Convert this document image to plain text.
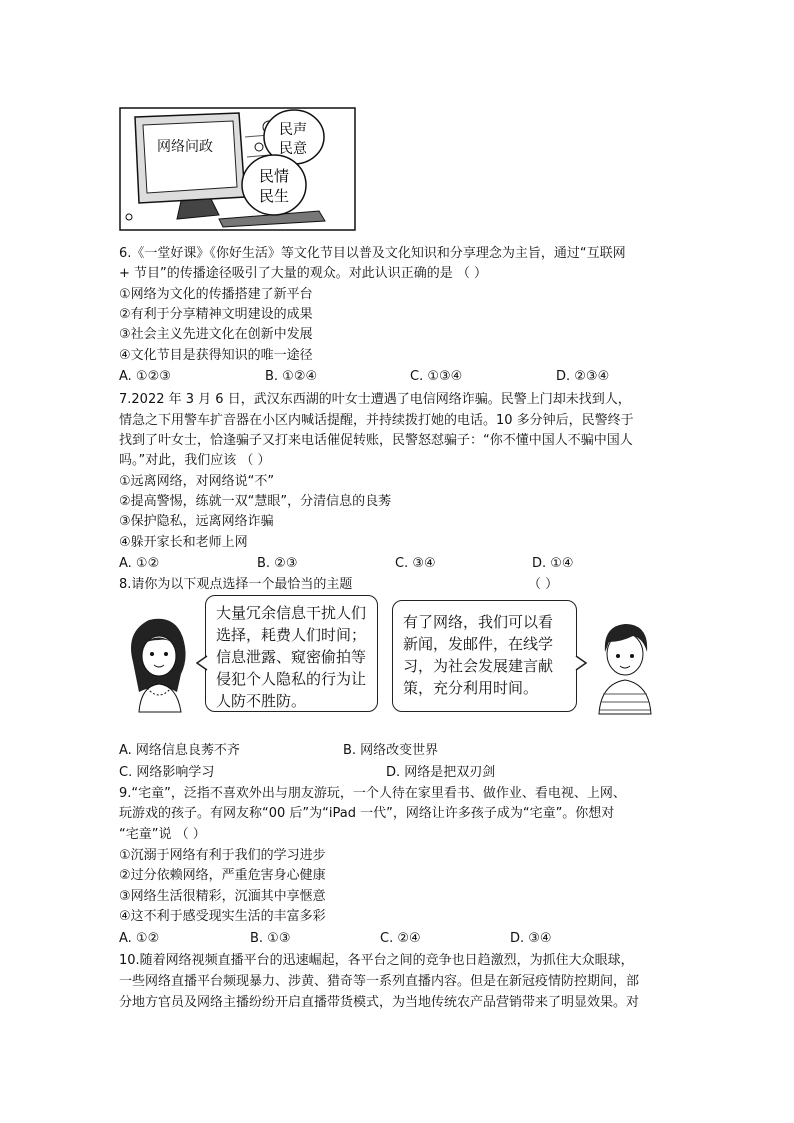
网络问政
民声
民意
民情
民生
6.《一堂好课》《你好生活》等文化节目以普及文化知识和分享理念为主旨，通过“互联网
+ 节目”的传播途径吸引了大量的观众。对此认识正确的是 （ ）
①网络为文化的传播搭建了新平台
②有利于分享精神文明建设的成果
③社会主义先进文化在创新中发展
④文化节目是获得知识的唯一途径
A. ①②③	B. ①②④	C. ①③④	D. ②③④
7.2022 年 3 月 6 日，武汉东西湖的叶女士遭遇了电信网络诈骗。民警上门却未找到人，
情急之下用警车扩音器在小区内喊话提醒，并持续拨打她的电话。10 多分钟后，民警终于
找到了叶女士，恰逢骗子又打来电话催促转账，民警怒怼骗子：“你不懂中国人不骗中国人
吗。”对此，我们应该 （ ）
①远离网络，对网络说“不”
②提高警惕，练就一双“慧眼”，分清信息的良莠
③保护隐私，远离网络诈骗
④躲开家长和老师上网
A. ①②	B. ②③	C. ③④	D. ①④
8.请你为以下观点选择一个最恰当的主题	（ ）
大量冗余信息干扰人们
选择，耗费人们时间；
信息泄露、窥密偷拍等
侵犯个人隐私的行为让
人防不胜防。
有了网络，我们可以看
新闻，发邮件，在线学
习，为社会发展建言献
策，充分利用时间。
A. 网络信息良莠不齐	B. 网络改变世界
C. 网络影响学习	D. 网络是把双刃剑
9.“宅童”，泛指不喜欢外出与朋友游玩，一个人待在家里看书、做作业、看电视、上网、
玩游戏的孩子。有网友称“00 后”为“iPad 一代”，网络让许多孩子成为“宅童”。你想对
“宅童”说 （ ）
①沉溺于网络有利于我们的学习进步
②过分依赖网络，严重危害身心健康
③网络生活很精彩，沉湎其中享惬意
④这不利于感受现实生活的丰富多彩
A. ①②	B. ①③	C. ②④	D. ③④
10.随着网络视频直播平台的迅速崛起，各平台之间的竞争也日趋激烈，为抓住大众眼球，
一些网络直播平台频现暴力、涉黄、猎奇等一系列直播内容。但是在新冠疫情防控期间，部
分地方官员及网络主播纷纷开启直播带货模式，为当地传统农产品营销带来了明显效果。对
